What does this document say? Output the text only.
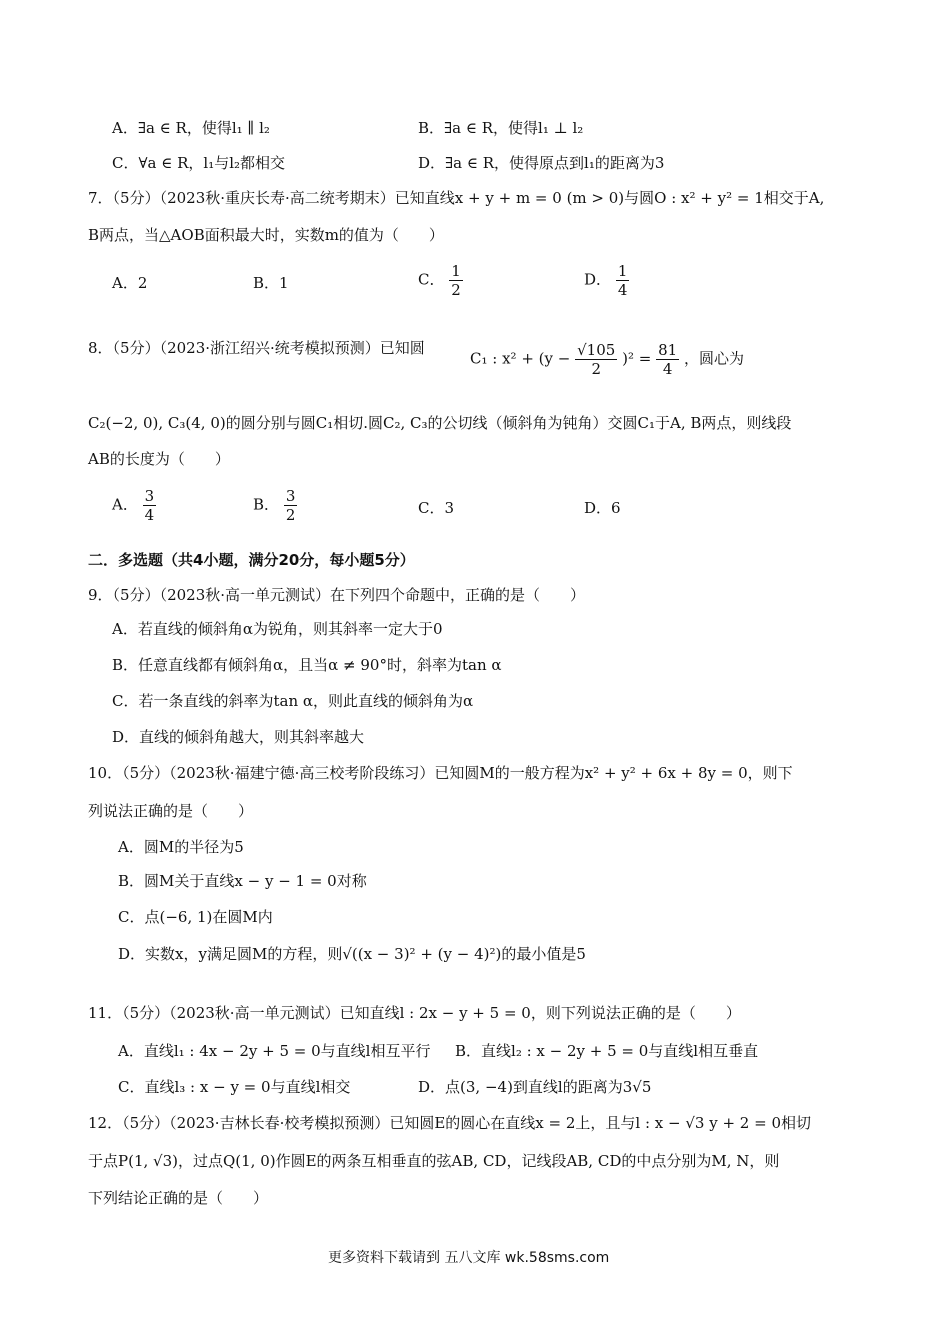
A．∃a ∈ R，使得l₁ ∥ l₂	B．∃a ∈ R，使得l₁ ⊥ l₂
C．∀a ∈ R，l₁与l₂都相交	D．∃a ∈ R，使得原点到l₁的距离为3
7．（5分）（2023秋·重庆长寿·高二统考期末）已知直线x + y + m = 0 (m > 0)与圆O : x² + y² = 1相交于A,
B两点，当△AOB面积最大时，实数m的值为（　　）
A．2	B．1	C． $\frac{1}{2}$	D． $\frac{1}{4}$
8．（5分）（2023·浙江绍兴·统考模拟预测）已知圆
C₁ : $x^2 + (y - \frac{√105}{2} )^2 = \frac{81}{4}$ ，圆心为
C₂(−2, 0), C₃(4, 0)的圆分别与圆C₁相切.圆C₂, C₃的公切线（倾斜角为钝角）交圆C₁于A, B两点，则线段
AB的长度为（　　）
A． $\frac{3}{4}$	B． $\frac{3}{2}$	C．3	D．6
二．多选题（共4小题，满分20分，每小题5分）
9．（5分）（2023秋·高一单元测试）在下列四个命题中，正确的是（　　）
A．若直线的倾斜角α为锐角，则其斜率一定大于0
B．任意直线都有倾斜角α，且当α ≠ 90°时，斜率为tan α
C．若一条直线的斜率为tan α，则此直线的倾斜角为α
D．直线的倾斜角越大，则其斜率越大
10．（5分）（2023秋·福建宁德·高三校考阶段练习）已知圆M的一般方程为x² + y² + 6x + 8y = 0，则下
列说法正确的是（　　）
A．圆M的半径为5
B．圆M关于直线x − y − 1 = 0对称
C．点(−6, 1)在圆M内
D．实数x，y满足圆M的方程，则√((x − 3)² + (y − 4)²)的最小值是5
11．（5分）（2023秋·高一单元测试）已知直线l : 2x − y + 5 = 0，则下列说法正确的是（　　）
A．直线l₁ : 4x − 2y + 5 = 0与直线l相互平行 B．直线l₂ : x − 2y + 5 = 0与直线l相互垂直
C．直线l₃ : x − y = 0与直线l相交	D．点(3, −4)到直线l的距离为3√5
12．（5分）（2023·吉林长春·校考模拟预测）已知圆E的圆心在直线x = 2上，且与l : x − √3 y + 2 = 0相切
于点P(1, √3)，过点Q(1, 0)作圆E的两条互相垂直的弦AB, CD，记线段AB, CD的中点分别为M, N，则
下列结论正确的是（　　）
更多资料下载请到 五八文库 wk.58sms.com
